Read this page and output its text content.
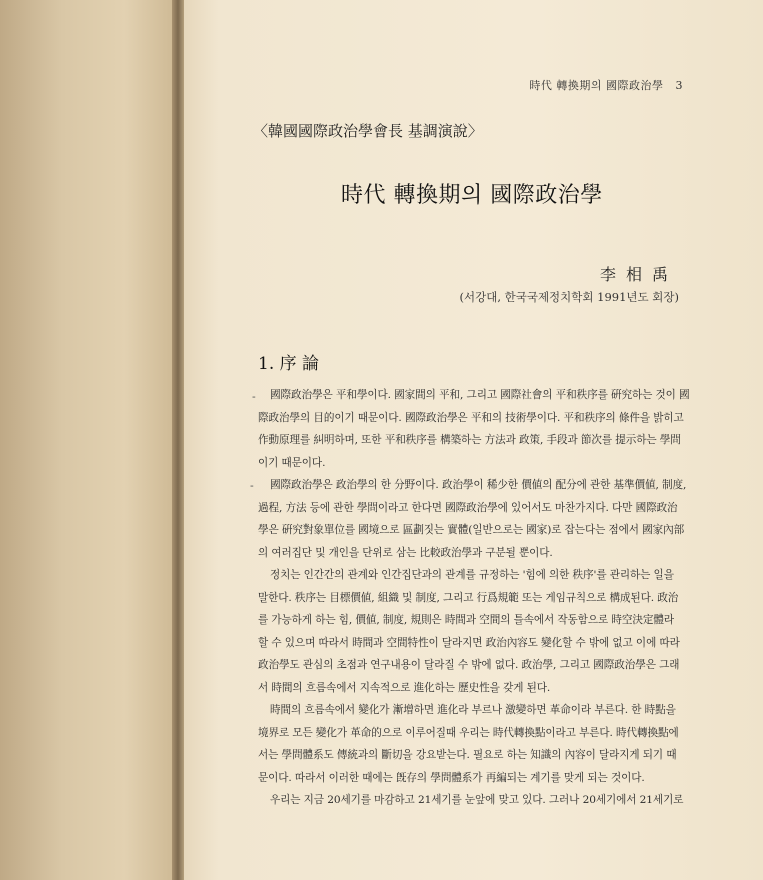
時代 轉換期의 國際政治學 3
〈韓國國際政治學會長 基調演說〉
時代 轉換期의 國際政治學
李相禹
(서강대, 한국국제정치학회 1991년도 회장)
1. 序 論
-
-
國際政治學은 平和學이다. 國家間의 平和, 그리고 國際社會의 平和秩序를 硏究하는 것이 國
際政治學의 目的이기 때문이다. 國際政治學은 平和의 技術學이다. 平和秩序의 條件을 밝히고
作動原理를 糾明하며, 또한 平和秩序를 構築하는 方法과 政策, 手段과 節次를 提示하는 學問
이기 때문이다.
國際政治學은 政治學의 한 分野이다. 政治學이 稀少한 價値의 配分에 관한 基準價値, 制度,
過程, 方法 등에 관한 學問이라고 한다면 國際政治學에 있어서도 마찬가지다. 다만 國際政治
學은 硏究對象單位를 國境으로 區劃짓는 實體(일반으로는 國家)로 잡는다는 점에서 國家內部
의 여러집단 및 개인을 단위로 삼는 比較政治學과 구분될 뿐이다.
정치는 인간간의 관계와 인간집단과의 관계를 규정하는 '힘에 의한 秩序'를 관리하는 일을
말한다. 秩序는 目標價値, 組織 및 制度, 그리고 行爲規範 또는 게임규칙으로 構成된다. 政治
를 가능하게 하는 힘, 價値, 制度, 規則은 時間과 空間의 틀속에서 작동함으로 時空決定體라
할 수 있으며 따라서 時間과 空間特性이 달라지면 政治內容도 變化할 수 밖에 없고 이에 따라
政治學도 관심의 초점과 연구내용이 달라질 수 밖에 없다. 政治學, 그리고 國際政治學은 그래
서 時間의 흐름속에서 지속적으로 進化하는 歷史性을 갖게 된다.
時間의 흐름속에서 變化가 漸增하면 進化라 부르나 激變하면 革命이라 부른다. 한 時點을
境界로 모든 變化가 革命的으로 이루어질때 우리는 時代轉換點이라고 부른다. 時代轉換點에
서는 學問體系도 傳統과의 斷切을 강요받는다. 필요로 하는 知識의 內容이 달라지게 되기 때
문이다. 따라서 이러한 때에는 旣存의 學問體系가 再編되는 계기를 맞게 되는 것이다.
우리는 지금 20세기를 마감하고 21세기를 눈앞에 맞고 있다. 그러나 20세기에서 21세기로
